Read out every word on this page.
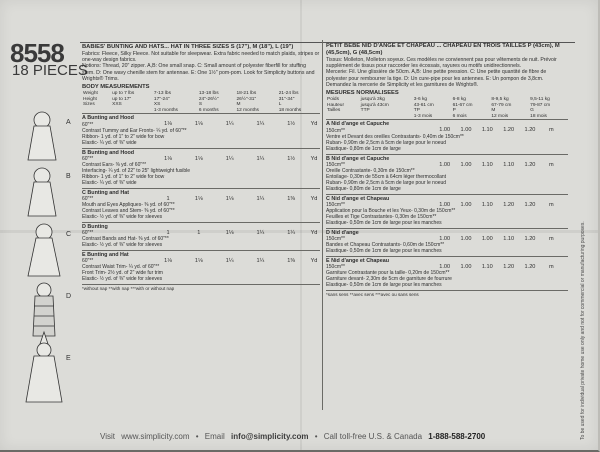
8558
18 PIECES
A
B
C
D
E
BABIES' BUNTING AND HATS... HAT IN THREE SIZES S (17"), M (18"), L (19")
Fabrics: Fleece, Silky Fleece. Not suitable for sleepwear. Extra fabric needed to match plaids, stripes or one-way design fabrics.
Notions: Thread, 20" zipper. A,B: One small snap. C: Small amount of polyester fiberfill for stuffing stem. D: One wavy chenille stem for antennae. E: One 1½" pom-pom. Look for Simplicity buttons and Wrights® Trims.
BODY MEASUREMENTS
Weight	up to 7 lbs	7-13 lbs	13-18 lbs	18-21 lbs	21-24 lbs
Height	up to 17"	17"-24"	24"-26½"	26½"-31"	31"-34"
Sizes	XXS	XS	S	M	L
		1-3 months	6 months	12 months	18 months
A Bunting and Hood
60"**
Contrast Tummy and Ear Fronts- ¼ yd. of 60"**
Ribbon- 1 yd. of 1" to 2" wide for bow
Elastic- ¼ yd. of ⅜" wide
1⅛	1⅛	1¼	1¼	1½	Yd
B Bunting and Hood
60"**
Contrast Ears- ⅜ yd. of 60"**
Interfacing- ¼ yd. of 22" to 25" lightweight fusible
Ribbon- 1 yd. of 1" to 2" wide for bow
Elastic- ¼ yd. of ⅜" wide
1⅛	1⅛	1¼	1¼	1½	Yd
C Bunting and Hat
60"**
Mouth and Eyes Appliques- ⅜ yd. of 60"**
Contrast Leaves and Stem- ⅜ yd. of 60"**
Elastic- ½ yd. of ⅜" wide for sleeves
1	1⅛	1⅛	1¼	1⅜	Yd
D Bunting
60"**
Contrast Bands and Hat- ⅜ yd. of 60"**
Elastic- ½ yd. of ⅜" wide for sleeves
1	1	1⅛	1¼	1¼	Yd
E Bunting and Hat
60"**
Contrast Waist Trim- ¼ yd. of 60"**
Front Trim- 2½ yd. of 2" wide fur trim
Elastic- ½ yd. of ⅜" wide for sleeves
1⅛	1⅛	1¼	1¼	1⅜	Yd
*without nap **with nap ***with or without nap
PETIT BEBE NID D'ANGE ET CHAPEAU ... CHAPEAU EN TROIS TAILLES P (43cm), M (45,5cm), G (48,5cm)
Tissus: Molleton, Molleton soyeux. Ces modèles ne conviennent pas pour vêtements de nuit. Prévoir supplément de tissus pour raccorder les écossais, rayures ou motifs unidirectionnels.
Mercerie: Fil. Une glissière de 50cm. A,B: Une petite pression. C: Une petite quantité de fibre de polyester pour rembourrer la tige. D: Un cure-pipe pour les antennes. E: Un pompon de 3,8cm. Demandez la mercerie de Simplicity et les garnitures de Wrights®.
MESURES NORMALISEES
Poids	jusqu'à 3kg	3-6 kg	6-8 kg	8-9,5 kg	9,5-11 kg
Hauteur	jusqu'à 43cm	43-61 cm	61-67 cm	67-79 cm	79-87 cm
Tailles	TTP	TP	P	M	G
		1-3 mois	6 mois	12 mois	18 mois
A Nid d'ange et Capuche
150cm**
Ventre et Devant des oreilles Contrastants- 0,40m de 150cm**
Ruban- 0,90m de 2,5cm à 5cm de large pour le noeud
Elastique- 0,80m de 1cm de large
1.00	1.00	1.10	1.20	1.20	m
B Nid d'ange et Capuche
150cm**
Oreille Contrastante- 0,30m de 150cm**
Entoilage- 0,30m de 55cm à 64cm léger thermocollant
Ruban- 0,90m de 2,5cm à 5cm de large pour le noeud
Elastique- 0,80m de 1cm de large
1.00	1.00	1.10	1.10	1.20	m
C Nid d'ange et Chapeau
150cm**
Application pour la Bouche et les Yeux- 0,30m de 150cm**
Feuilles et Tige Contrastantes- 0,30m de 150cm**
Elastique- 0,50m de 1cm de large pour les manches
1.00	1.00	1.10	1.20	1.20	m
D Nid d'ange
150cm**
Bandes et Chapeau Contrastants- 0,60m de 150cm**
Elastique- 0,50m de 1cm de large pour les manches
1.00	1.00	1.00	1.10	1.20	m
E Nid d'ange et Chapeau
150cm**
Garniture Contrastante pour la taille- 0,20m de 150cm**
Garniture devant- 2,30m de 5cm de garniture de fourrure
Elastique- 0,50m de 1cm de large pour les manches
1.00	1.00	1.10	1.20	1.20	m
*sans sens **avec sens ***avec ou sans sens	To be used for individual private home use only and not for commercial or manufacturing purposes.
Visit www.simplicity.com • Email info@simplicity.com • Call toll-free U.S. & Canada 1-888-588-2700
